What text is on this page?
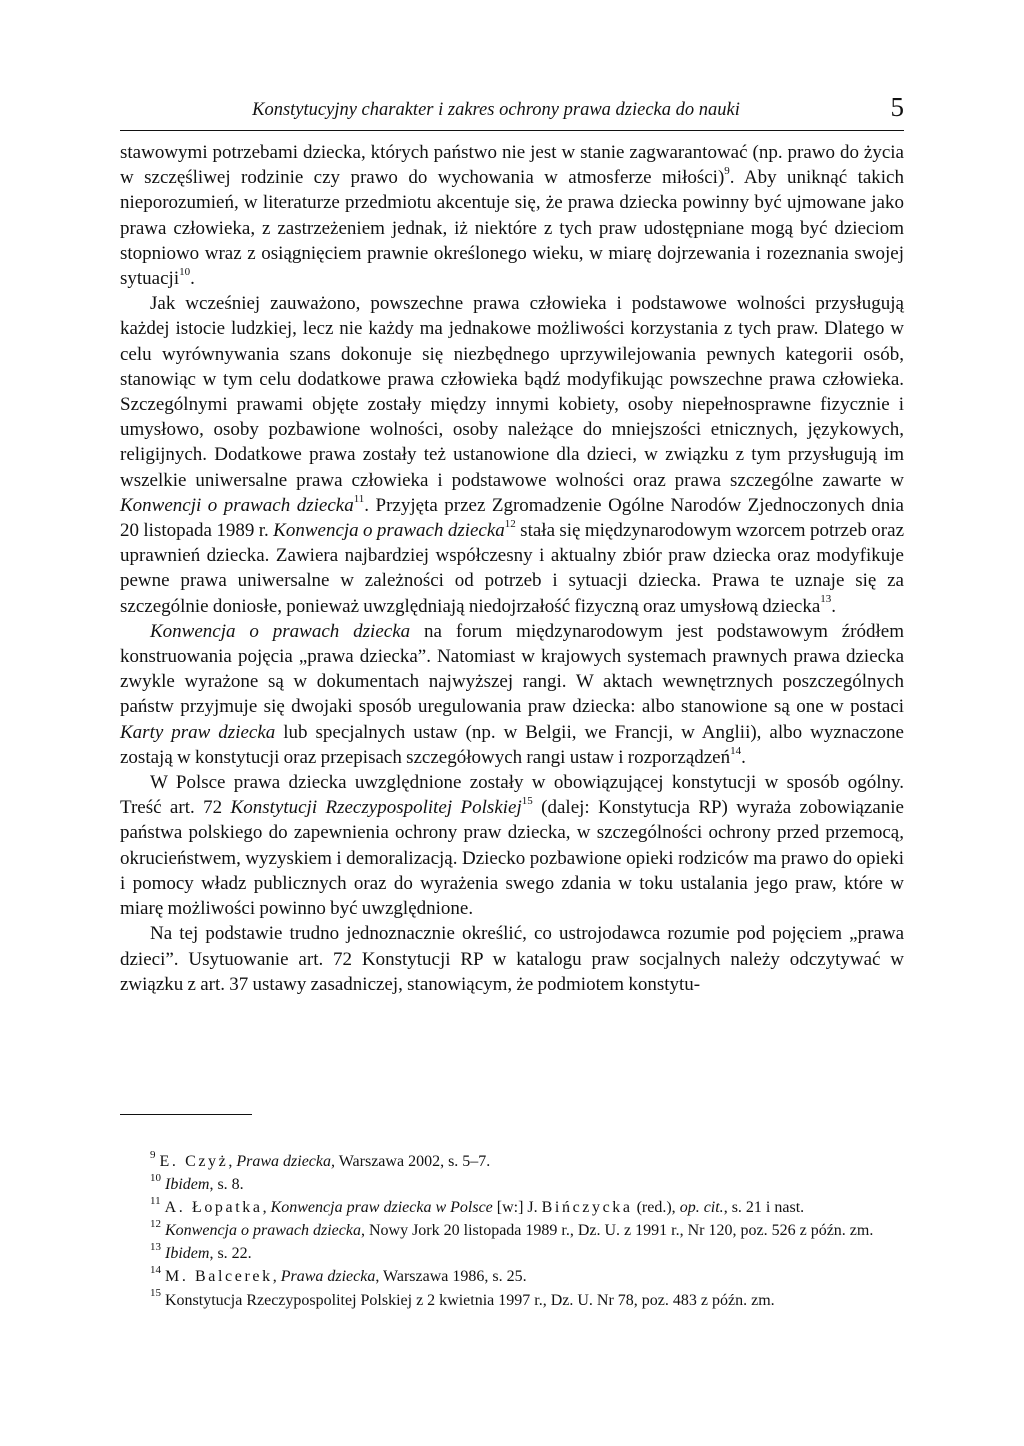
Konstytucyjny charakter i zakres ochrony prawa dziecka do nauki	5

stawowymi potrzebami dziecka, których państwo nie jest w stanie zagwarantować (np. prawo do życia w szczęśliwej rodzinie czy prawo do wychowania w atmosferze miłości)$^9$. Aby uniknąć takich nieporozumień, w literaturze przedmiotu akcentuje się, że prawa dziecka powinny być ujmowane jako prawa człowieka, z zastrzeżeniem jednak, iż niektóre z tych praw udostępniane mogą być dzieciom stopniowo wraz z osiągnięciem prawnie określonego wieku, w miarę dojrzewania i rozeznania swojej sytuacji$^{10}$.

Jak wcześniej zauważono, powszechne prawa człowieka i podstawowe wolności przysługują każdej istocie ludzkiej, lecz nie każdy ma jednakowe możliwości korzystania z tych praw. Dlatego w celu wyrównywania szans dokonuje się niezbędnego uprzywilejowania pewnych kategorii osób, stanowiąc w tym celu dodatkowe prawa człowieka bądź modyfikując powszechne prawa człowieka. Szczególnymi prawami objęte zostały między innymi kobiety, osoby niepełnosprawne fizycznie i umysłowo, osoby pozbawione wolności, osoby należące do mniejszości etnicznych, językowych, religijnych. Dodatkowe prawa zostały też ustanowione dla dzieci, w związku z tym przysługują im wszelkie uniwersalne prawa człowieka i podstawowe wolności oraz prawa szczególne zawarte w Konwencji o prawach dziecka$^{11}$. Przyjęta przez Zgromadzenie Ogólne Narodów Zjednoczonych dnia 20 listopada 1989 r. Konwencja o prawach dziecka$^{12}$ stała się międzynarodowym wzorcem potrzeb oraz uprawnień dziecka. Zawiera najbardziej współczesny i aktualny zbiór praw dziecka oraz modyfikuje pewne prawa uniwersalne w zależności od potrzeb i sytuacji dziecka. Prawa te uznaje się za szczególnie doniosłe, ponieważ uwzględniają niedojrzałość fizyczną oraz umysłową dziecka$^{13}$.

Konwencja o prawach dziecka na forum międzynarodowym jest podstawowym źródłem konstruowania pojęcia „prawa dziecka”. Natomiast w krajowych systemach prawnych prawa dziecka zwykle wyrażone są w dokumentach najwyższej rangi. W aktach wewnętrznych poszczególnych państw przyjmuje się dwojaki sposób uregulowania praw dziecka: albo stanowione są one w postaci Karty praw dziecka lub specjalnych ustaw (np. w Belgii, we Francji, w Anglii), albo wyznaczone zostają w konstytucji oraz przepisach szczegółowych rangi ustaw i rozporządzeń$^{14}$.

W Polsce prawa dziecka uwzględnione zostały w obowiązującej konstytucji w sposób ogólny. Treść art. 72 Konstytucji Rzeczypospolitej Polskiej$^{15}$ (dalej: Konstytucja RP) wyraża zobowiązanie państwa polskiego do zapewnienia ochrony praw dziecka, w szczególności ochrony przed przemocą, okrucieństwem, wyzyskiem i demoralizacją. Dziecko pozbawione opieki rodziców ma prawo do opieki i pomocy władz publicznych oraz do wyrażenia swego zdania w toku ustalania jego praw, które w miarę możliwości powinno być uwzględnione.

Na tej podstawie trudno jednoznacznie określić, co ustrojodawca rozumie pod pojęciem „prawa dzieci”. Usytuowanie art. 72 Konstytucji RP w katalogu praw socjalnych należy odczytywać w związku z art. 37 ustawy zasadniczej, stanowiącym, że podmiotem konstytu-

$^9$ E. Czyż, Prawa dziecka, Warszawa 2002, s. 5–7.

$^{10}$ Ibidem, s. 8.

$^{11}$ A. Łopatka, Konwencja praw dziecka w Polsce [w:] J. Bińczycka (red.), op. cit., s. 21 i nast.

$^{12}$ Konwencja o prawach dziecka, Nowy Jork 20 listopada 1989 r., Dz. U. z 1991 r., Nr 120, poz. 526 z późn. zm.

$^{13}$ Ibidem, s. 22.

$^{14}$ M. Balcerek, Prawa dziecka, Warszawa 1986, s. 25.

$^{15}$ Konstytucja Rzeczypospolitej Polskiej z 2 kwietnia 1997 r., Dz. U. Nr 78, poz. 483 z późn. zm.
